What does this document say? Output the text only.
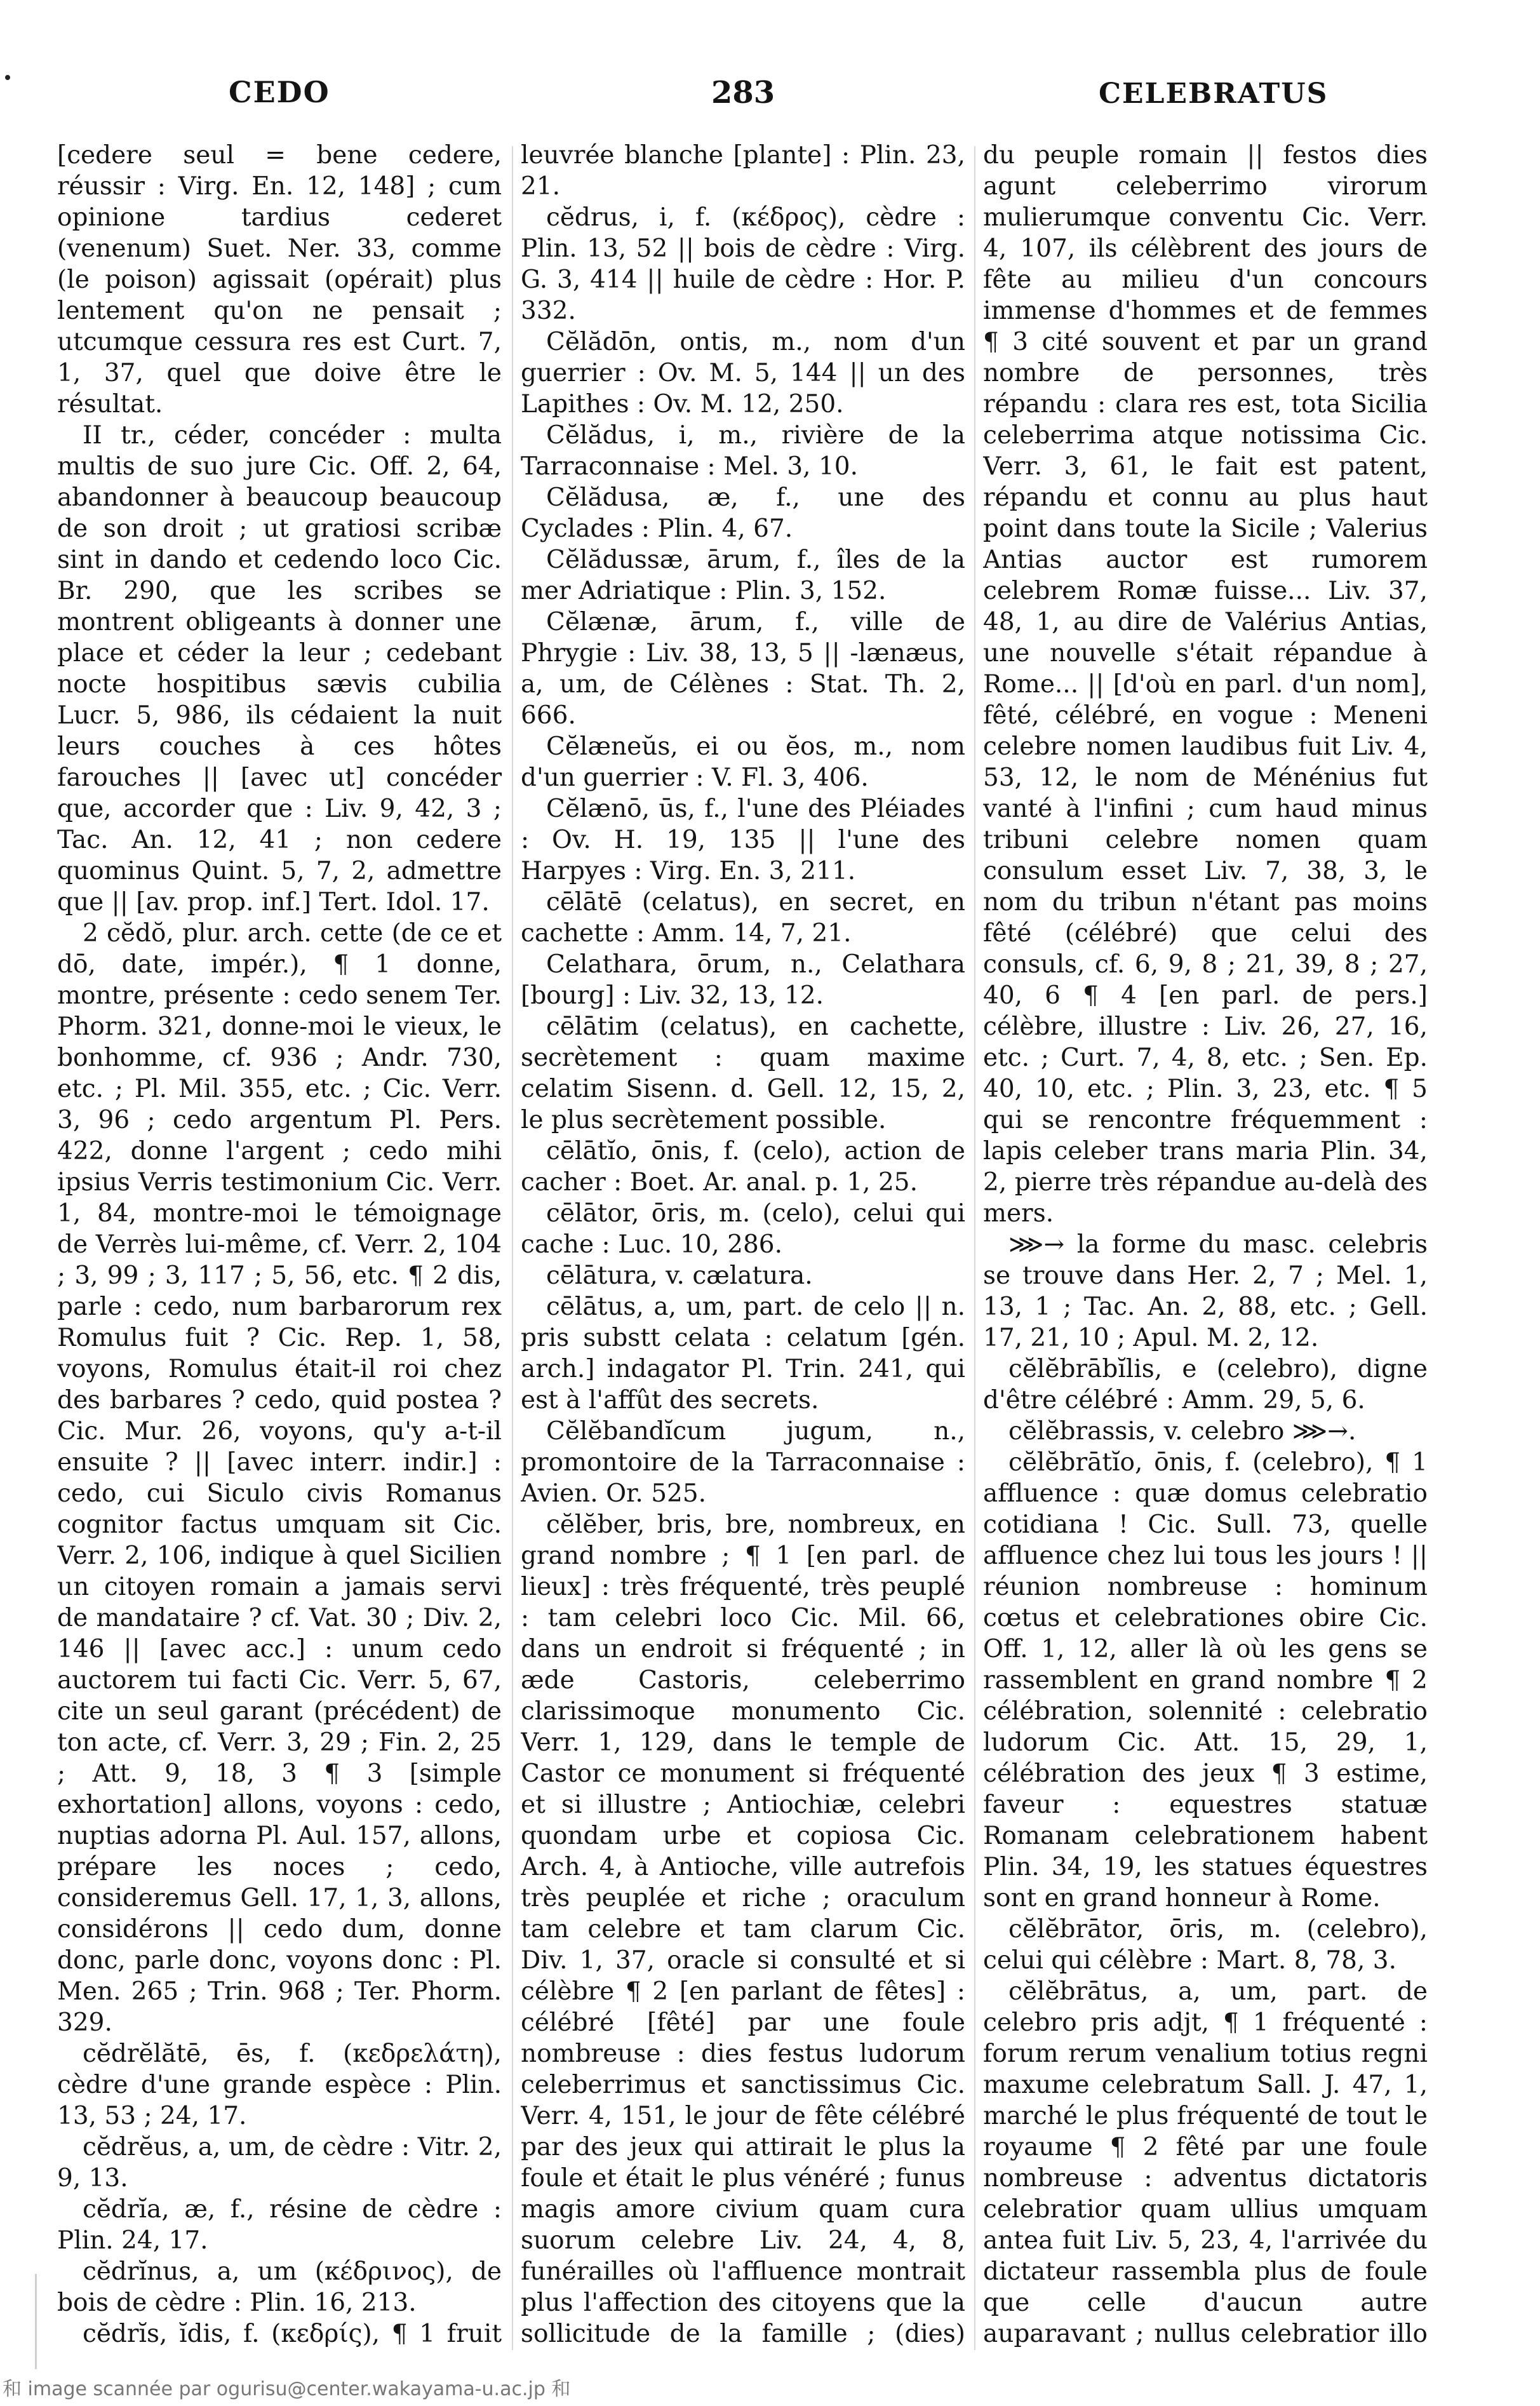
CEDO	283	CELEBRATUS

[cedere seul = bene cedere, réussir : Virg. En. 12, 148] ; cum opinione tardius cederet (venenum) Suet. Ner. 33, comme (le poison) agissait (opérait) plus lentement qu'on ne pensait ; utcumque cessura res est Curt. 7, 1, 37, quel que doive être le résultat.

II tr., céder, concéder : multa multis de suo jure Cic. Off. 2, 64, abandonner à beaucoup beaucoup de son droit ; ut gratiosi scribæ sint in dando et cedendo loco Cic. Br. 290, que les scribes se montrent obligeants à donner une place et céder la leur ; cedebant nocte hospitibus sævis cubilia Lucr. 5, 986, ils cédaient la nuit leurs couches à ces hôtes farouches || [avec ut] concéder que, accorder que : Liv. 9, 42, 3 ; Tac. An. 12, 41 ; non cedere quominus Quint. 5, 7, 2, admettre que || [av. prop. inf.] Tert. Idol. 17.

2 cĕdŏ, plur. arch. cette (de ce et dō, date, impér.), ¶ 1 donne, montre, présente : cedo senem Ter. Phorm. 321, donne-moi le vieux, le bonhomme, cf. 936 ; Andr. 730, etc. ; Pl. Mil. 355, etc. ; Cic. Verr. 3, 96 ; cedo argentum Pl. Pers. 422, donne l'argent ; cedo mihi ipsius Verris testimonium Cic. Verr. 1, 84, montre-moi le témoignage de Verrès lui-même, cf. Verr. 2, 104 ; 3, 99 ; 3, 117 ; 5, 56, etc. ¶ 2 dis, parle : cedo, num barbarorum rex Romulus fuit ? Cic. Rep. 1, 58, voyons, Romulus était-il roi chez des barbares ? cedo, quid postea ? Cic. Mur. 26, voyons, qu'y a-t-il ensuite ? || [avec interr. indir.] : cedo, cui Siculo civis Romanus cognitor factus umquam sit Cic. Verr. 2, 106, indique à quel Sicilien un citoyen romain a jamais servi de mandataire ? cf. Vat. 30 ; Div. 2, 146 || [avec acc.] : unum cedo auctorem tui facti Cic. Verr. 5, 67, cite un seul garant (précédent) de ton acte, cf. Verr. 3, 29 ; Fin. 2, 25 ; Att. 9, 18, 3 ¶ 3 [simple exhortation] allons, voyons : cedo, nuptias adorna Pl. Aul. 157, allons, prépare les noces ; cedo, consideremus Gell. 17, 1, 3, allons, considérons || cedo dum, donne donc, parle donc, voyons donc : Pl. Men. 265 ; Trin. 968 ; Ter. Phorm. 329.

cĕdrĕlătē, ēs, f. (κεδρελάτη), cèdre d'une grande espèce : Plin. 13, 53 ; 24, 17.

cĕdrĕus, a, um, de cèdre : Vitr. 2, 9, 13.

cĕdrĭa, æ, f., résine de cèdre : Plin. 24, 17.

cĕdrĭnus, a, um (κέδρινος), de bois de cèdre : Plin. 16, 213.

cĕdrĭs, ĭdis, f. (κεδρίς), ¶ 1 fruit

leuvrée blanche [plante] : Plin. 23, 21.

cĕdrus, i, f. (κέδρος), cèdre : Plin. 13, 52 || bois de cèdre : Virg. G. 3, 414 || huile de cèdre : Hor. P. 332.

Cĕlădōn, ontis, m., nom d'un guerrier : Ov. M. 5, 144 || un des Lapithes : Ov. M. 12, 250.

Cĕlădus, i, m., rivière de la Tarraconnaise : Mel. 3, 10.

Cĕlădusa, æ, f., une des Cyclades : Plin. 4, 67.

Cĕlădussæ, ārum, f., îles de la mer Adriatique : Plin. 3, 152.

Cĕlænæ, ārum, f., ville de Phrygie : Liv. 38, 13, 5 || -lænæus, a, um, de Célènes : Stat. Th. 2, 666.

Cĕlæneŭs, ei ou ĕos, m., nom d'un guerrier : V. Fl. 3, 406.

Cĕlænō, ūs, f., l'une des Pléiades : Ov. H. 19, 135 || l'une des Harpyes : Virg. En. 3, 211.

cēlātē (celatus), en secret, en cachette : Amm. 14, 7, 21.

Celathara, ōrum, n., Celathara [bourg] : Liv. 32, 13, 12.

cēlātim (celatus), en cachette, secrètement : quam maxime celatim Sisenn. d. Gell. 12, 15, 2, le plus secrètement possible.

cēlātĭo, ōnis, f. (celo), action de cacher : Boet. Ar. anal. p. 1, 25.

cēlātor, ōris, m. (celo), celui qui cache : Luc. 10, 286.

cēlātura, v. cælatura.

cēlātus, a, um, part. de celo || n. pris substt celata : celatum [gén. arch.] indagator Pl. Trin. 241, qui est à l'affût des secrets.

Cĕlĕbandĭcum jugum, n., promontoire de la Tarraconnaise : Avien. Or. 525.

cĕlĕber, bris, bre, nombreux, en grand nombre ; ¶ 1 [en parl. de lieux] : très fréquenté, très peuplé : tam celebri loco Cic. Mil. 66, dans un endroit si fréquenté ; in æde Castoris, celeberrimo clarissimoque monumento Cic. Verr. 1, 129, dans le temple de Castor ce monument si fréquenté et si illustre ; Antiochiæ, celebri quondam urbe et copiosa Cic. Arch. 4, à Antioche, ville autrefois très peuplée et riche ; oraculum tam celebre et tam clarum Cic. Div. 1, 37, oracle si consulté et si célèbre ¶ 2 [en parlant de fêtes] : célébré [fêté] par une foule nombreuse : dies festus ludorum celeberrimus et sanctissimus Cic. Verr. 4, 151, le jour de fête célébré par des jeux qui attirait le plus la foule et était le plus vénéré ; funus magis amore civium quam cura suorum celebre Liv. 24, 4, 8, funérailles où l'affluence montrait plus l'affection des citoyens que la sollicitude de la famille ; (dies)

du peuple romain || festos dies agunt celeberrimo virorum mulierumque conventu Cic. Verr. 4, 107, ils célèbrent des jours de fête au milieu d'un concours immense d'hommes et de femmes ¶ 3 cité souvent et par un grand nombre de personnes, très répandu : clara res est, tota Sicilia celeberrima atque notissima Cic. Verr. 3, 61, le fait est patent, répandu et connu au plus haut point dans toute la Sicile ; Valerius Antias auctor est rumorem celebrem Romæ fuisse... Liv. 37, 48, 1, au dire de Valérius Antias, une nouvelle s'était répandue à Rome... || [d'où en parl. d'un nom], fêté, célébré, en vogue : Meneni celebre nomen laudibus fuit Liv. 4, 53, 12, le nom de Ménénius fut vanté à l'infini ; cum haud minus tribuni celebre nomen quam consulum esset Liv. 7, 38, 3, le nom du tribun n'étant pas moins fêté (célébré) que celui des consuls, cf. 6, 9, 8 ; 21, 39, 8 ; 27, 40, 6 ¶ 4 [en parl. de pers.] célèbre, illustre : Liv. 26, 27, 16, etc. ; Curt. 7, 4, 8, etc. ; Sen. Ep. 40, 10, etc. ; Plin. 3, 23, etc. ¶ 5 qui se rencontre fréquemment : lapis celeber trans maria Plin. 34, 2, pierre très répandue au-delà des mers.

⋙→ la forme du masc. celebris se trouve dans Her. 2, 7 ; Mel. 1, 13, 1 ; Tac. An. 2, 88, etc. ; Gell. 17, 21, 10 ; Apul. M. 2, 12.

cĕlĕbrābĭlis, e (celebro), digne d'être célébré : Amm. 29, 5, 6.

cĕlĕbrassis, v. celebro ⋙→.

cĕlĕbrātĭo, ōnis, f. (celebro), ¶ 1 affluence : quæ domus celebratio cotidiana ! Cic. Sull. 73, quelle affluence chez lui tous les jours ! || réunion nombreuse : hominum cœtus et celebrationes obire Cic. Off. 1, 12, aller là où les gens se rassemblent en grand nombre ¶ 2 célébration, solennité : celebratio ludorum Cic. Att. 15, 29, 1, célébration des jeux ¶ 3 estime, faveur : equestres statuæ Romanam celebrationem habent Plin. 34, 19, les statues équestres sont en grand honneur à Rome.

cĕlĕbrātor, ōris, m. (celebro), celui qui célèbre : Mart. 8, 78, 3.

cĕlĕbrātus, a, um, part. de celebro pris adjt, ¶ 1 fréquenté : forum rerum venalium totius regni maxume celebratum Sall. J. 47, 1, marché le plus fréquenté de tout le royaume ¶ 2 fêté par une foule nombreuse : adventus dictatoris celebratior quam ullius umquam antea fuit Liv. 5, 23, 4, l'arrivée du dictateur rassembla plus de foule que celle d'aucun autre auparavant ; nullus celebratior illo

和 image scannée par ogurisu@center.wakayama-u.ac.jp 和
